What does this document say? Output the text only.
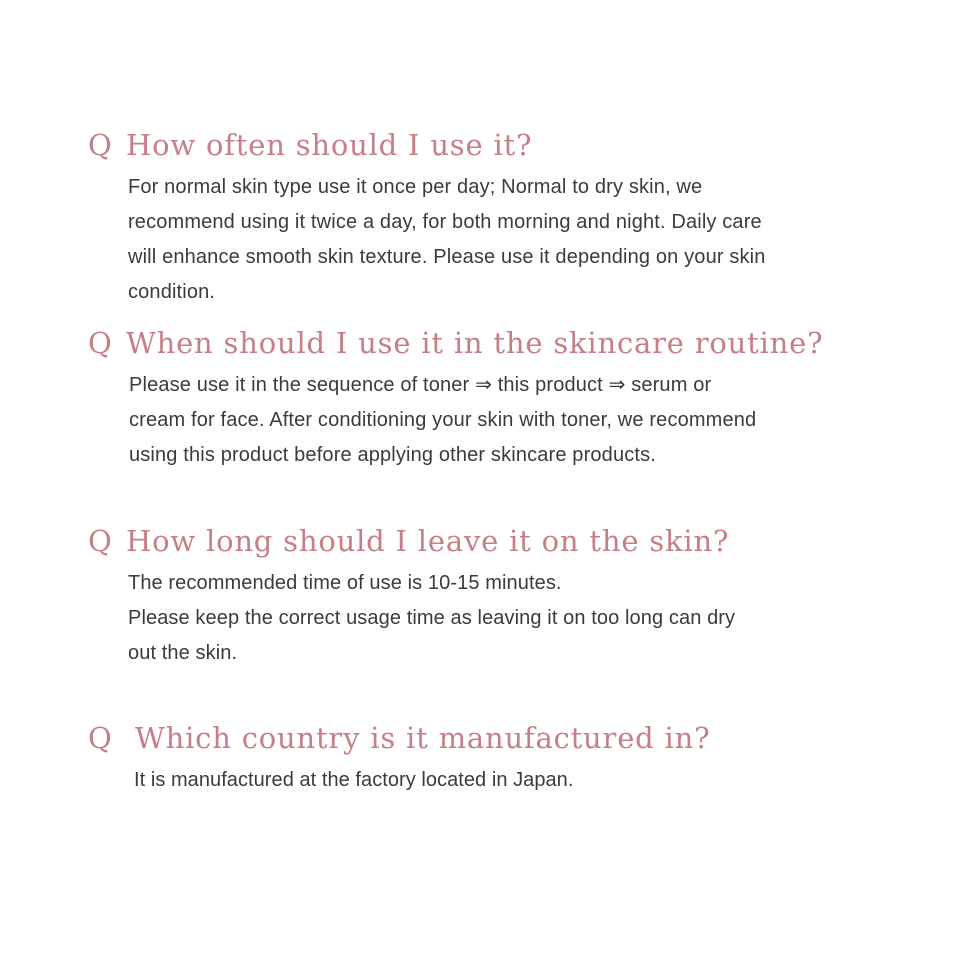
Q How often should I use it?

For normal skin type use it once per day; Normal to dry skin, we

recommend using it twice a day, for both morning and night. Daily care

will enhance smooth skin texture. Please use it depending on your skin

condition.

Q When should I use it in the skincare routine?

Please use it in the sequence of toner ⇒ this product ⇒ serum or

cream for face. After conditioning your skin with toner, we recommend

using this product before applying other skincare products.

Q How long should I leave it on the skin?

The recommended time of use is 10-15 minutes.

Please keep the correct usage time as leaving it on too long can dry

out the skin.

Q Which country is it manufactured in?

It is manufactured at the factory located in Japan.
